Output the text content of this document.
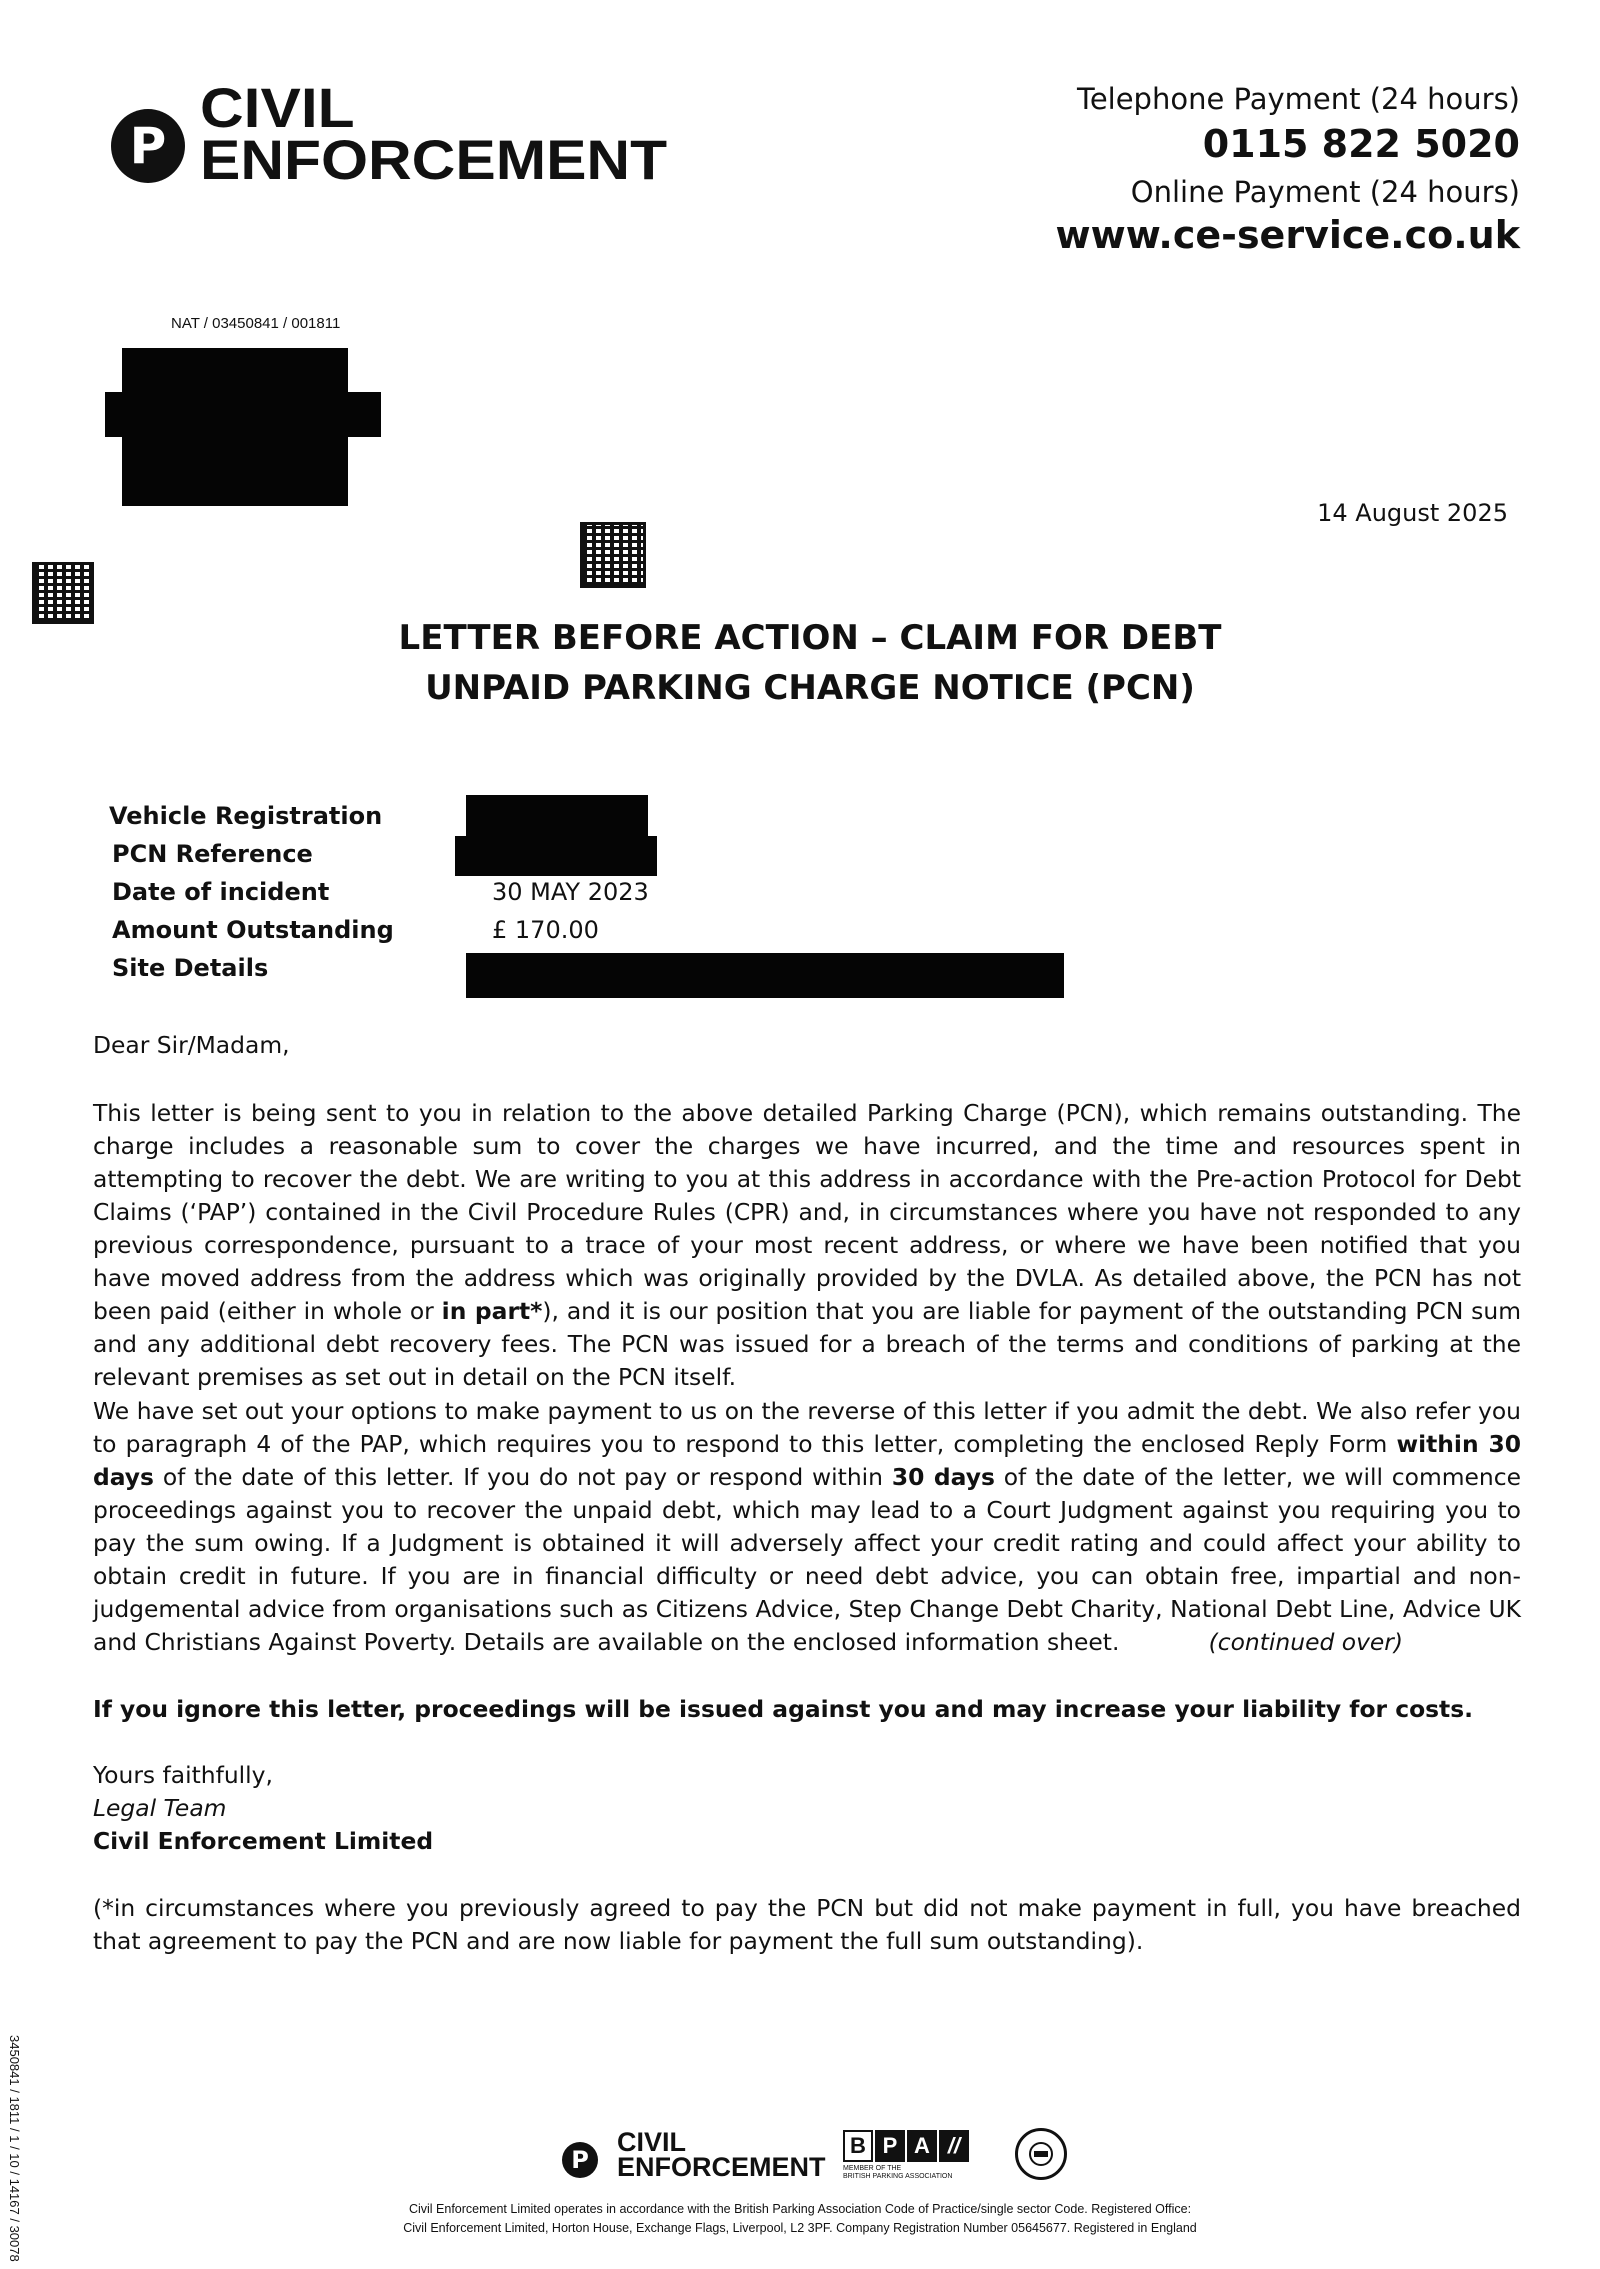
P
CIVIL
ENFORCEMENT
Telephone Payment (24 hours)
0115 822 5020
Online Payment (24 hours)
www.ce-service.co.uk
NAT / 03450841 / 001811
14 August 2025
LETTER BEFORE ACTION – CLAIM FOR DEBT
UNPAID PARKING CHARGE NOTICE (PCN)
Vehicle Registration
PCN Reference
Date of incident
Amount Outstanding
Site Details
30 MAY 2023
£ 170.00
Dear Sir/Madam,
This letter is being sent to you in relation to the above detailed Parking Charge (PCN), which remains outstanding. The charge includes a reasonable sum to cover the charges we have incurred, and the time and resources spent in attempting to recover the debt. We are writing to you at this address in accordance with the Pre-action Protocol for Debt Claims (‘PAP’) contained in the Civil Procedure Rules (CPR) and, in circumstances where you have not responded to any previous correspondence, pursuant to a trace of your most recent address, or where we have been notified that you have moved address from the address which was originally provided by the DVLA. As detailed above, the PCN has not been paid (either in whole or in part*), and it is our position that you are liable for payment of the outstanding PCN sum and any additional debt recovery fees. The PCN was issued for a breach of the terms and conditions of parking at the relevant premises as set out in detail on the PCN itself.
We have set out your options to make payment to us on the reverse of this letter if you admit the debt. We also refer you to paragraph 4 of the PAP, which requires you to respond to this letter, completing the enclosed Reply Form within 30 days of the date of this letter. If you do not pay or respond within 30 days of the date of the letter, we will commence proceedings against you to recover the unpaid debt, which may lead to a Court Judgment against you requiring you to pay the sum owing. If a Judgment is obtained it will adversely affect your credit rating and could affect your ability to obtain credit in future. If you are in financial difficulty or need debt advice, you can obtain free, impartial and non-judgemental advice from organisations such as Citizens Advice, Step Change Debt Charity, National Debt Line, Advice UK and Christians Against Poverty. Details are available on the enclosed information sheet.	(continued over)
If you ignore this letter, proceedings will be issued against you and may increase your liability for costs.
Yours faithfully,
Legal Team
Civil Enforcement Limited
(*in circumstances where you previously agreed to pay the PCN but did not make payment in full, you have breached that agreement to pay the PCN and are now liable for payment the full sum outstanding).
P
CIVIL
ENFORCEMENT
B P A //
MEMBER OF THE
BRITISH PARKING ASSOCIATION
Civil Enforcement Limited operates in accordance with the British Parking Association Code of Practice/single sector Code. Registered Office:
Civil Enforcement Limited, Horton House, Exchange Flags, Liverpool, L2 3PF. Company Registration Number 05645677. Registered in England
3450841 / 1811 / 1 / 10 / 14167 / 30078
